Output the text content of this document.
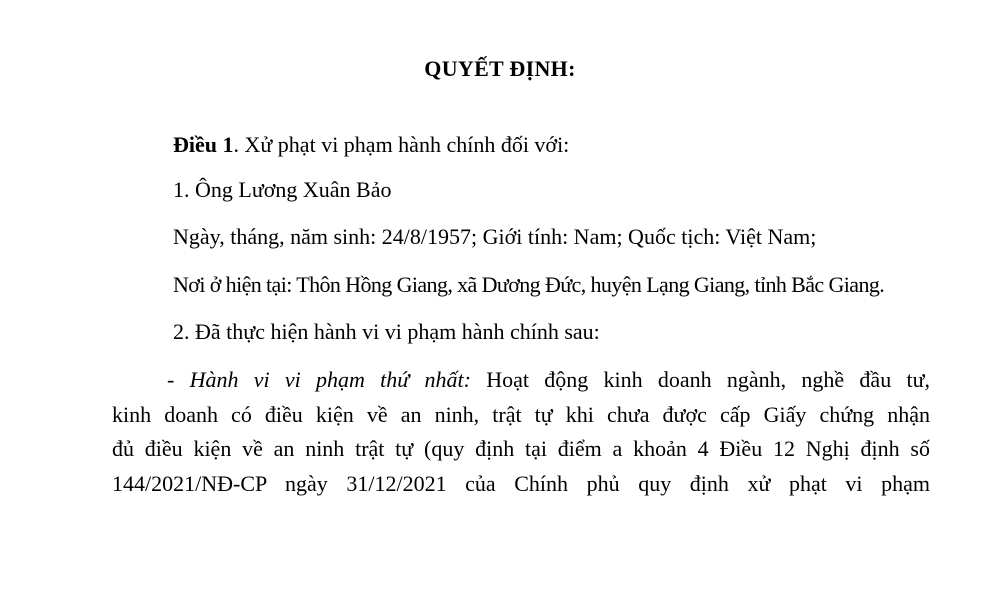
QUYẾT ĐỊNH:
Điều 1. Xử phạt vi phạm hành chính đối với:
1. Ông Lương Xuân Bảo
Ngày, tháng, năm sinh: 24/8/1957; Giới tính: Nam; Quốc tịch: Việt Nam;
Nơi ở hiện tại: Thôn Hồng Giang, xã Dương Đức, huyện Lạng Giang, tỉnh Bắc Giang.
2. Đã thực hiện hành vi vi phạm hành chính sau:
- Hành vi vi phạm thứ nhất: Hoạt động kinh doanh ngành, nghề đầu tư,
kinh doanh có điều kiện về an ninh, trật tự khi chưa được cấp Giấy chứng nhận
đủ điều kiện về an ninh trật tự (quy định tại điểm a khoản 4 Điều 12 Nghị định số
144/2021/NĐ-CP ngày 31/12/2021 của Chính phủ quy định xử phạt vi phạm
